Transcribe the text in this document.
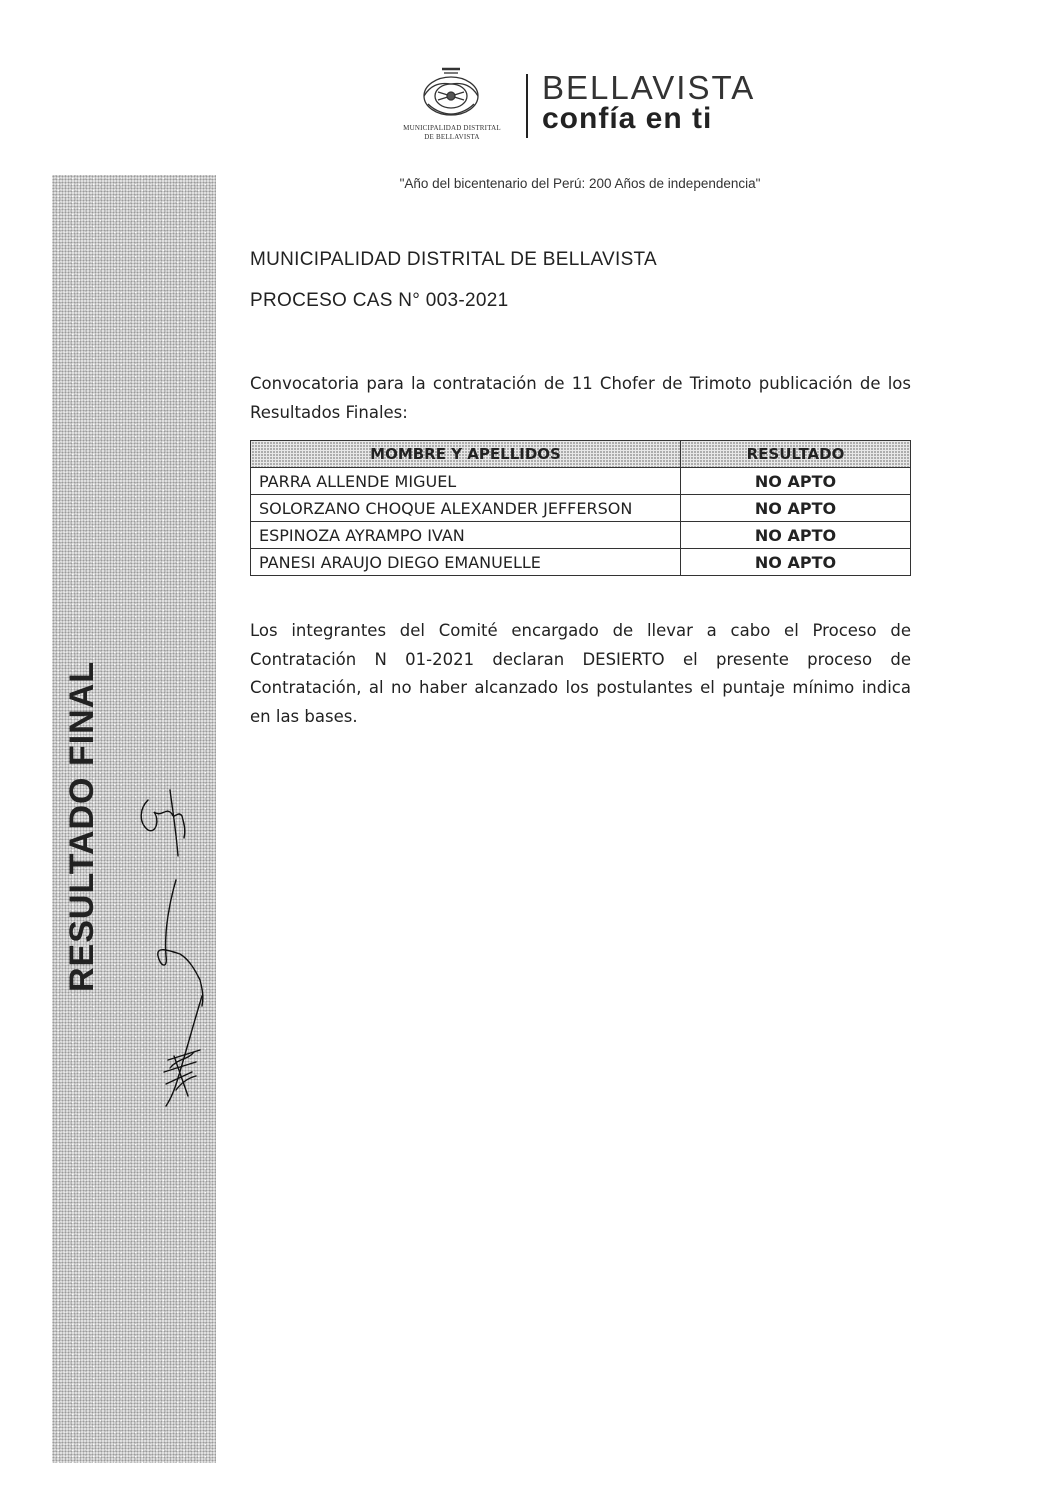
RESULTADO FINAL
MUNICIPALIDAD DISTRITAL
DE BELLAVISTA
BELLAVISTA
confía en ti
"Año del bicentenario del Perú: 200 Años de independencia"
MUNICIPALIDAD DISTRITAL DE BELLAVISTA
PROCESO CAS N° 003-2021

Convocatoria para la contratación de 11 Chofer de Trimoto publicación de los Resultados Finales:

MOMBRE Y APELLIDOS	RESULTADO
PARRA ALLENDE MIGUEL	NO APTO
SOLORZANO CHOQUE ALEXANDER JEFFERSON	NO APTO
ESPINOZA AYRAMPO IVAN	NO APTO
PANESI ARAUJO DIEGO EMANUELLE	NO APTO

Los integrantes del Comité encargado de llevar a cabo el Proceso de Contratación N 01-2021 declaran DESIERTO el presente proceso de Contratación, al no haber alcanzado los postulantes el puntaje mínimo indica en las bases.
